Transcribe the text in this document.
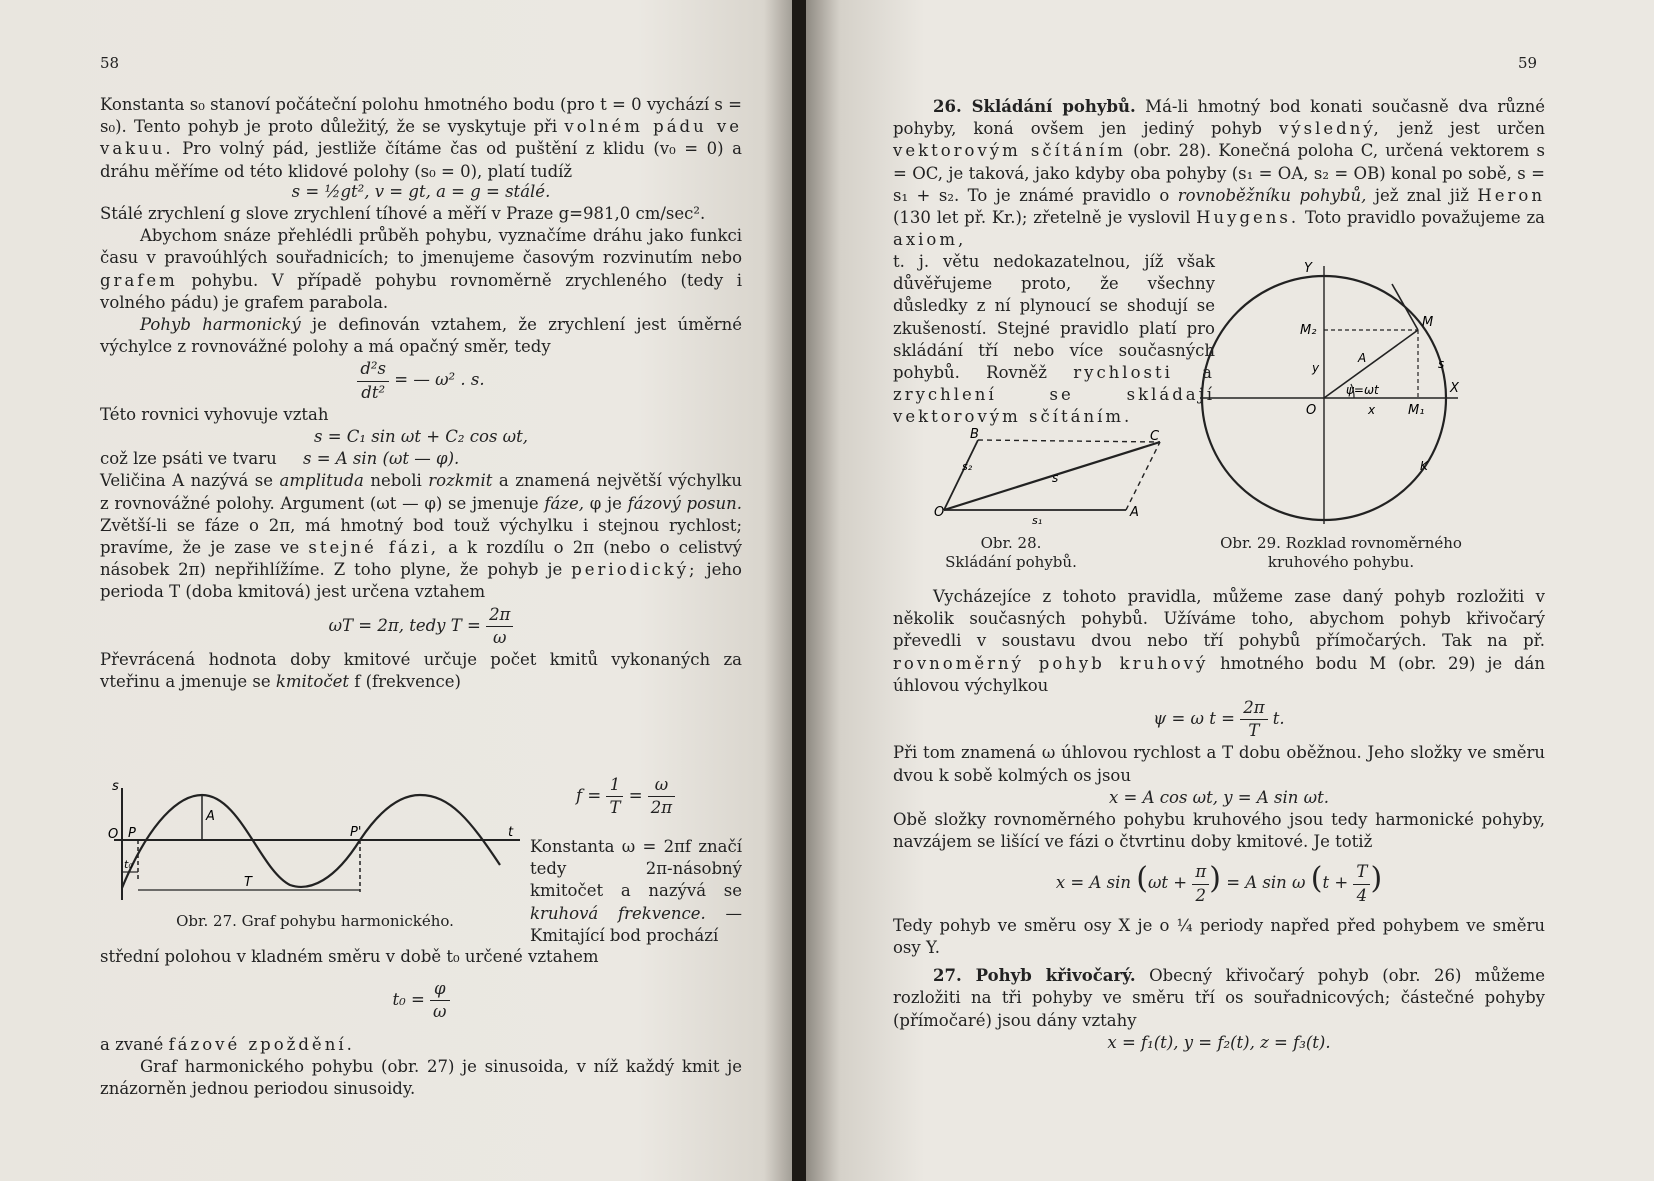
58

Konstanta s₀ stanoví počáteční polohu hmotného bodu (pro t = 0 vychází s = s₀). Tento pohyb je proto důležitý, že se vyskytuje při volném pádu ve vakuu. Pro volný pád, jestliže čítáme čas od puštění z klidu (v₀ = 0) a dráhu měříme od této klidové polohy (s₀ = 0), platí tudíž

s = ½gt², v = gt, a = g = stálé.

Stálé zrychlení g slove zrychlení tíhové a měří v Praze g=981,0 cm/sec².

Abychom snáze přehlédli průběh pohybu, vyznačíme dráhu jako funkci času v pravoúhlých souřadnicích; to jmenujeme časovým rozvinutím nebo grafem pohybu. V případě pohybu rovnoměrně zrychleného (tedy i volného pádu) je grafem parabola.

Pohyb harmonický je definován vztahem, že zrychlení jest úměrné výchylce z rovnovážné polohy a má opačný směr, tedy

$\frac{\text{d²s}}{\text{dt²}}$ = — ω² . s.

Této rovnici vyhovuje vztah

s = C₁ sin ωt + C₂ cos ωt,

což lze psáti ve tvaru s = A sin (ωt — φ).

Veličina A nazývá se amplituda neboli rozkmit a znamená největší výchylku z rovnovážné polohy. Argument (ωt — φ) se jmenuje fáze, φ je fázový posun. Zvětší-li se fáze o 2π, má hmotný bod touž výchylku i stejnou rychlost; pravíme, že je zase ve stejné fázi, a k rozdílu o 2π (nebo o celistvý násobek 2π) nepřihlížíme. Z toho plyne, že pohyb je periodický; jeho perioda T (doba kmitová) jest určena vztahem

ωT = 2π, tedy $T = \frac{2\pi}{\omega}$

Převrácená hodnota doby kmitové určuje počet kmitů vykonaných za vteřinu a jmenuje se kmitočet f (frekvence)

$f = \frac{1}{T} = \frac{\omega}{2\pi}$
s
O P
A
P'	t
t₀
T
Obr. 27. Graf pohybu harmonického.

Konstanta ω = 2πf značí tedy 2π-násobný kmitočet a nazývá se kruhová frekvence. — Kmitající bod prochází

střední polohou v kladném směru v době t₀ určené vztahem

$t_0 = \frac{\varphi}{\omega}$

a zvané fázové zpoždění.

Graf harmonického pohybu (obr. 27) je sinusoida, v níž každý kmit je znázorněn jednou periodou sinusoidy.

59

26. Skládání pohybů. Má-li hmotný bod konati současně dva různé pohyby, koná ovšem jen jediný pohyb výsledný, jenž jest určen vektorovým sčítáním (obr. 28). Konečná poloha C, určená vektorem s = OC, je taková, jako kdyby oba pohyby (s₁ = OA, s₂ = OB) konal po sobě, s = s₁ + s₂. To je známé pravidlo o rovnoběžníku pohybů, jež znal již Heron (130 let př. Kr.); zřetelně je vyslovil Huygens. Toto pravidlo považujeme za axiom,

t. j. větu nedokazatelnou, jíž však důvěřujeme proto, že všechny důsledky z ní plynoucí se shodují se zkušeností. Stejné pravidlo platí pro skládání tří nebo více současných pohybů. Rovněž rychlosti a zrychlení se skládají vektorovým sčítáním.

O	A
B	C
s
s₁
s₂
Obr. 28.
Skládání pohybů.
Y
X
O
M
M₁
M₂
A
x
y
ψ=ωt
s
K
Obr. 29. Rozklad rovnoměrného
kruhového pohybu.

Vycházejíce z tohoto pravidla, můžeme zase daný pohyb rozložiti v několik současných pohybů. Užíváme toho, abychom pohyb křivočarý převedli v soustavu dvou nebo tří pohybů přímočarých. Tak na př. rovnoměrný pohyb kruhový hmotného bodu M (obr. 29) je dán úhlovou výchylkou

ψ = ω $t = \frac{2\pi}{T} t$.

Při tom znamená ω úhlovou rychlost a T dobu oběžnou. Jeho složky ve směru dvou k sobě kolmých os jsou

x = A cos ωt, y = A sin ωt.

Obě složky rovnoměrného pohybu kruhového jsou tedy harmonické pohyby, navzájem se lišící ve fázi o čtvrtinu doby kmitové. Je totiž

x = A $\sin (\omega t + \frac{\pi}{2}$ ) = A sin ω ($t + \frac{T}{4}$ )

Tedy pohyb ve směru osy X je o ¼ periody napřed před pohybem ve směru osy Y.

27. Pohyb křivočarý. Obecný křivočarý pohyb (obr. 26) můžeme rozložiti na tři pohyby ve směru tří os souřadnicových; částečné pohyby (přímočaré) jsou dány vztahy

x = f₁(t), y = f₂(t), z = f₃(t).
